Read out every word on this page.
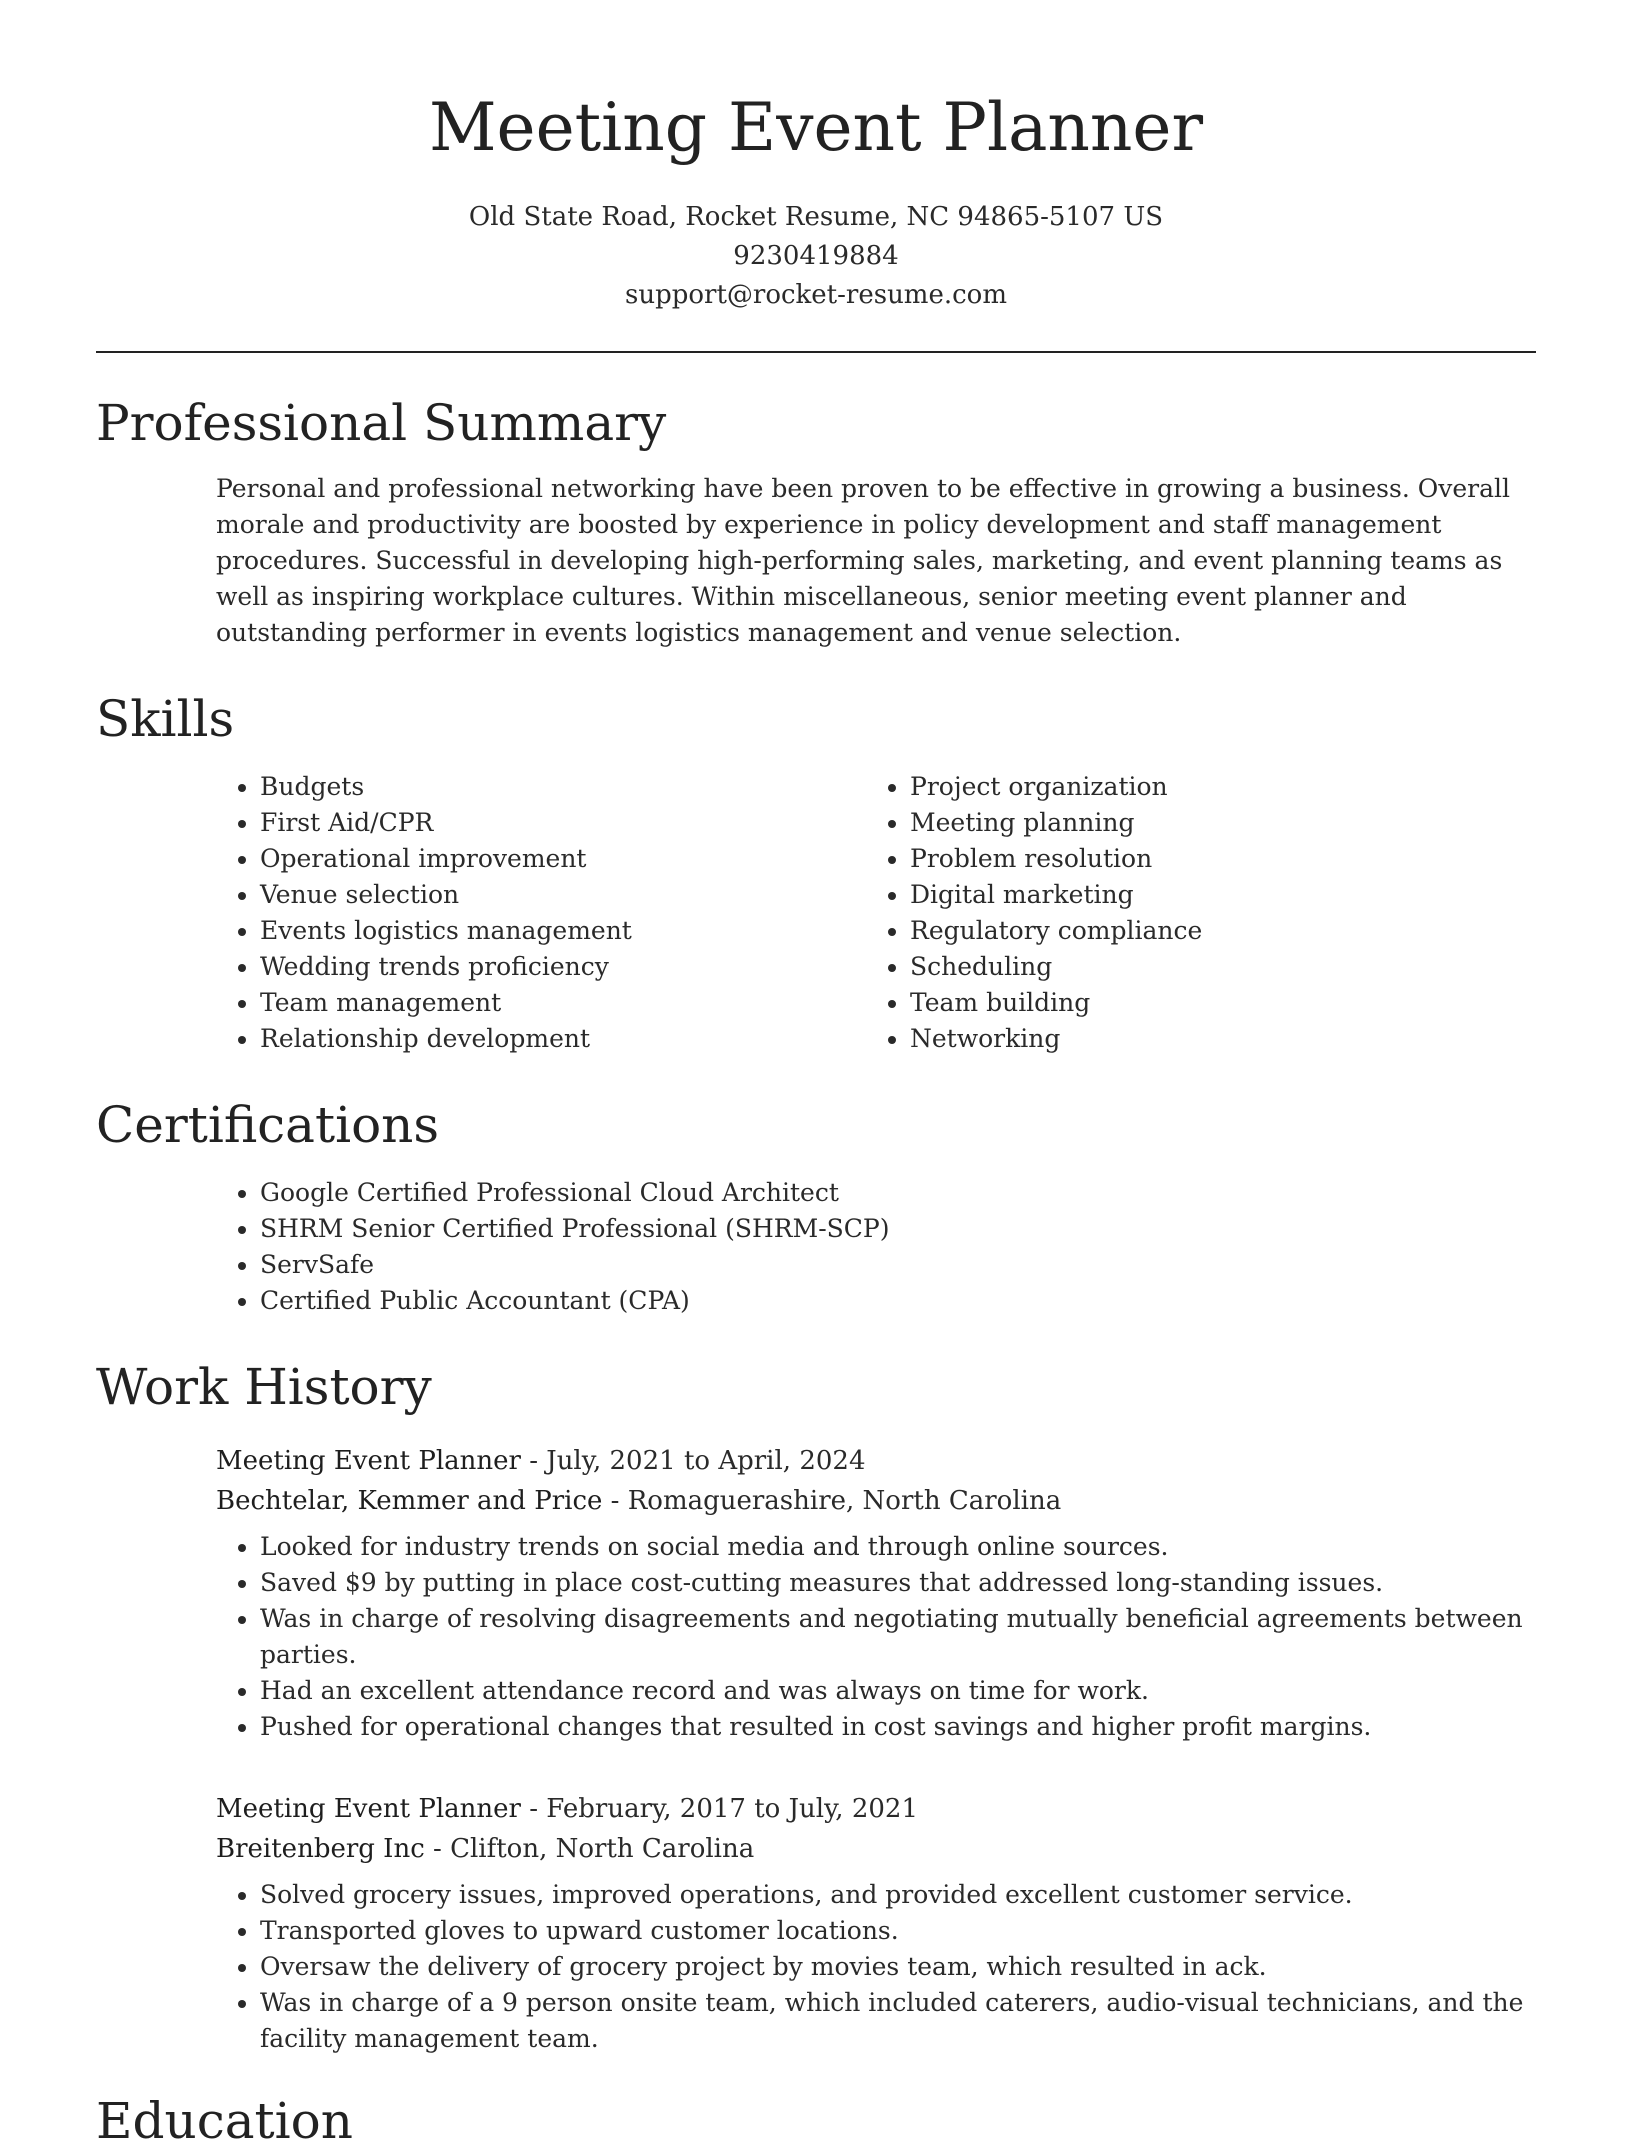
Meeting Event Planner
Old State Road, Rocket Resume, NC 94865-5107 US
9230419884
support@rocket-resume.com
Professional Summary
Personal and professional networking have been proven to be effective in growing a business. Overall morale and productivity are boosted by experience in policy development and staff management procedures. Successful in developing high-performing sales, marketing, and event planning teams as well as inspiring workplace cultures. Within miscellaneous, senior meeting event planner and outstanding performer in events logistics management and venue selection.
Skills
• Budgets
• First Aid/CPR
• Operational improvement
• Venue selection
• Events logistics management
• Wedding trends proficiency
• Team management
• Relationship development
• Project organization
• Meeting planning
• Problem resolution
• Digital marketing
• Regulatory compliance
• Scheduling
• Team building
• Networking
Certifications
• Google Certified Professional Cloud Architect
• SHRM Senior Certified Professional (SHRM-SCP)
• ServSafe
• Certified Public Accountant (CPA)
Work History
Meeting Event Planner - July, 2021 to April, 2024
Bechtelar, Kemmer and Price - Romaguerashire, North Carolina
• Looked for industry trends on social media and through online sources.
• Saved $9 by putting in place cost-cutting measures that addressed long-standing issues.
• Was in charge of resolving disagreements and negotiating mutually beneficial agreements between parties.
• Had an excellent attendance record and was always on time for work.
• Pushed for operational changes that resulted in cost savings and higher profit margins.
Meeting Event Planner - February, 2017 to July, 2021
Breitenberg Inc - Clifton, North Carolina
• Solved grocery issues, improved operations, and provided excellent customer service.
• Transported gloves to upward customer locations.
• Oversaw the delivery of grocery project by movies team, which resulted in ack.
• Was in charge of a 9 person onsite team, which included caterers, audio-visual technicians, and the facility management team.
Education
